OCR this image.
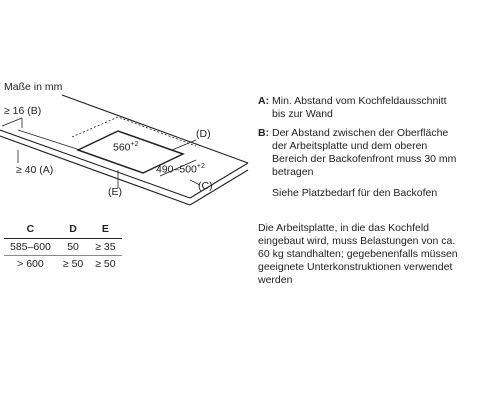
Maße in mm
≥ 16 (B)
≥ 40 (A)
$560^{+2}$
$490-500^{+2}$
(D)
(C)
(E)
C	D	E
585–600	50	≥ 35
> 600	≥ 50	≥ 50
A: Min. Abstand vom Kochfeldausschnitt
bis zur Wand
B: Der Abstand zwischen der Oberfläche
der Arbeitsplatte und dem oberen
Bereich der Backofenfront muss 30 mm
betragen
Siehe Platzbedarf für den Backofen
Die Arbeitsplatte, in die das Kochfeld
eingebaut wird, muss Belastungen von ca.
60 kg standhalten; gegebenenfalls müssen
geeignete Unterkonstruktionen verwendet
werden
